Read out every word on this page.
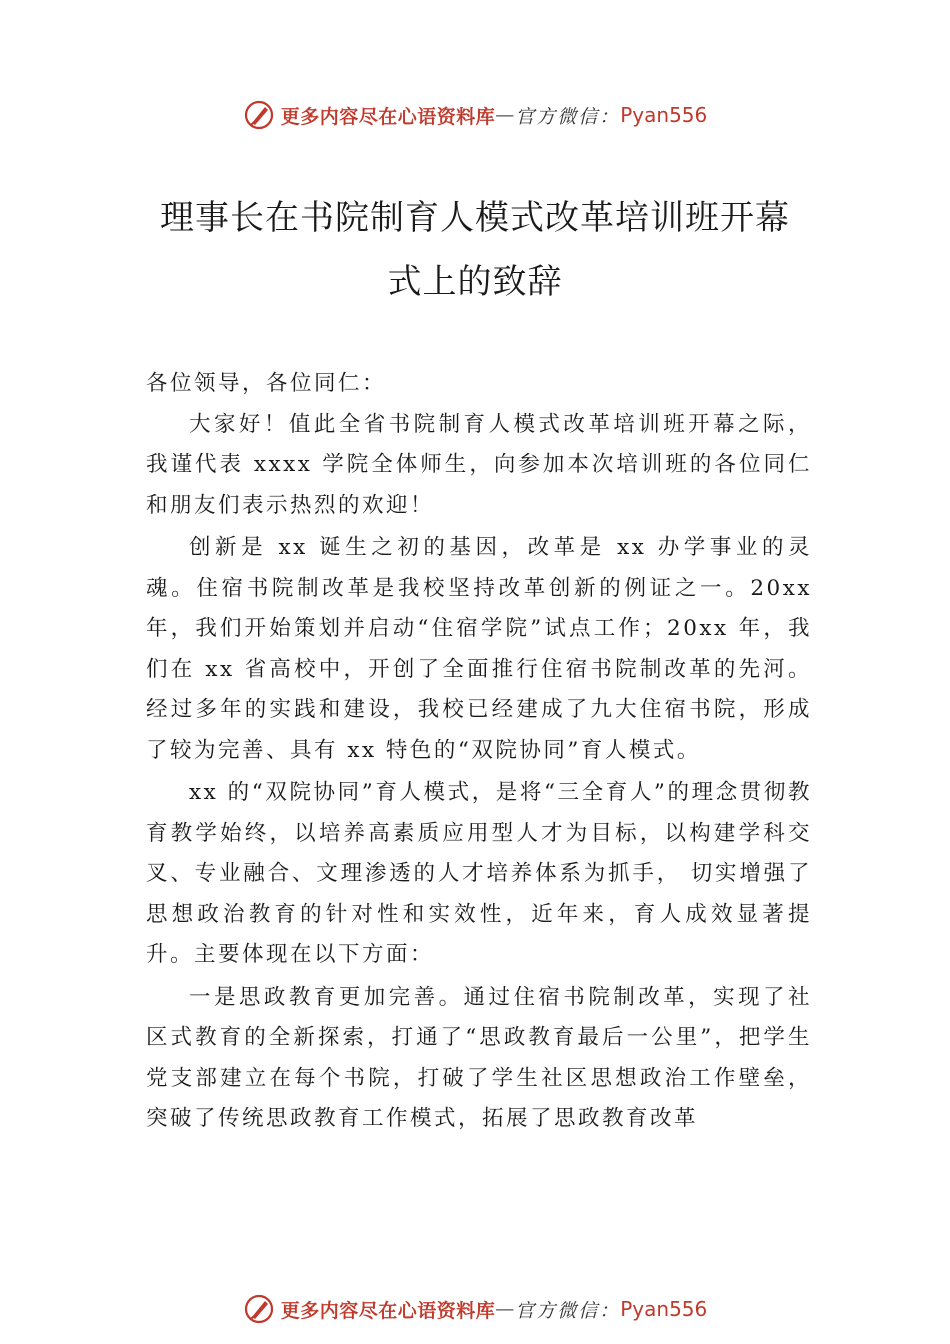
更多内容尽在心语资料库 — 官方微信： Pyan556
理事长在书院制育人模式改革培训班开幕
式上的致辞

各位领导，各位同仁：

大家好！值此全省书院制育人模式改革培训班开幕之际，我谨代表 xxxx 学院全体师生，向参加本次培训班的各位同仁和朋友们表示热烈的欢迎！

创新是 xx 诞生之初的基因，改革是 xx 办学事业的灵魂。住宿书院制改革是我校坚持改革创新的例证之一。20xx 年，我们开始策划并启动“住宿学院”试点工作；20xx 年，我们在 xx 省高校中，开创了全面推行住宿书院制改革的先河。经过多年的实践和建设，我校已经建成了九大住宿书院，形成了较为完善、具有 xx 特色的“双院协同”育人模式。

xx 的“双院协同”育人模式，是将“三全育人”的理念贯彻教育教学始终，以培养高素质应用型人才为目标，以构建学科交叉、专业融合、文理渗透的人才培养体系为抓手， 切实增强了思想政治教育的针对性和实效性，近年来，育人成效显著提升。主要体现在以下方面：

一是思政教育更加完善。通过住宿书院制改革，实现了社区式教育的全新探索，打通了“思政教育最后一公里”，把学生党支部建立在每个书院，打破了学生社区思想政治工作壁垒，突破了传统思政教育工作模式，拓展了思政教育改革

更多内容尽在心语资料库 — 官方微信： Pyan556
